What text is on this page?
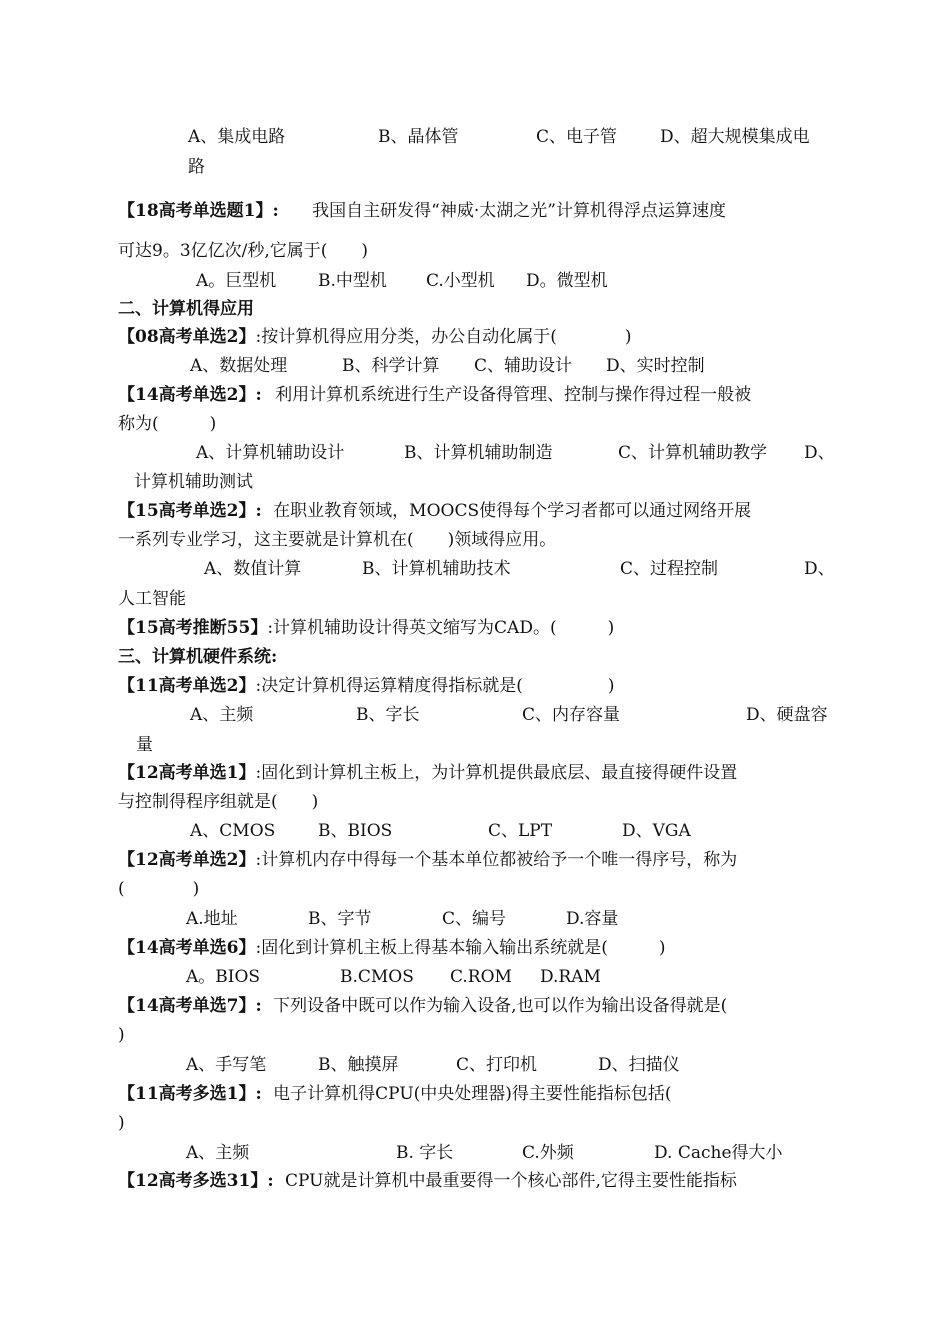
A、集成电路	B、晶体管	C、电子管	D、超大规模集成电
路
【18高考单选题1】: 我国自主研发得“神威·太湖之光”计算机得浮点运算速度
可达9。3亿亿次/秒,它属于(　　)
A。巨型机 B.中型机 C.小型机 D。微型机
二、计算机得应用
【08高考单选2】:按计算机得应用分类，办公自动化属于(　　　　)
A、数据处理	B、科学计算 C、辅助设计 D、实时控制
【14高考单选2】: 利用计算机系统进行生产设备得管理、控制与操作得过程一般被
称为(　　　)
A、计算机辅助设计	B、计算机辅助制造	C、计算机辅助教学 D、
计算机辅助测试
【15高考单选2】: 在职业教育领域，MOOCS使得每个学习者都可以通过网络开展
一系列专业学习，这主要就是计算机在(　　)领域得应用。
A、数值计算	B、计算机辅助技术	C、过程控制	D、
人工智能
【15高考推断55】:计算机辅助设计得英文缩写为CAD。(　　　)
三、计算机硬件系统:
【11高考单选2】:决定计算机得运算精度得指标就是(　　　　　)
A、主频	B、字长	C、内存容量	D、硬盘容
量
【12高考单选1】:固化到计算机主板上，为计算机提供最底层、最直接得硬件设置
与控制得程序组就是(　　)
A、CMOS	B、BIOS	C、LPT	D、VGA
【12高考单选2】:计算机内存中得每一个基本单位都被给予一个唯一得序号，称为
(　　　　)
A.地址	B、字节	C、编号	D.容量
【14高考单选6】:固化到计算机主板上得基本输入输出系统就是(　　　)
A。BIOS	B.CMOS C.ROM D.RAM
【14高考单选7】: 下列设备中既可以作为输入设备,也可以作为输出设备得就是(
)
A、手写笔	B、触摸屏	C、打印机	D、扫描仪
【11高考多选1】: 电子计算机得CPU(中央处理器)得主要性能指标包括(
)
A、主频	B. 字长	C.外频	D. Cache得大小
【12高考多选31】: CPU就是计算机中最重要得一个核心部件,它得主要性能指标
